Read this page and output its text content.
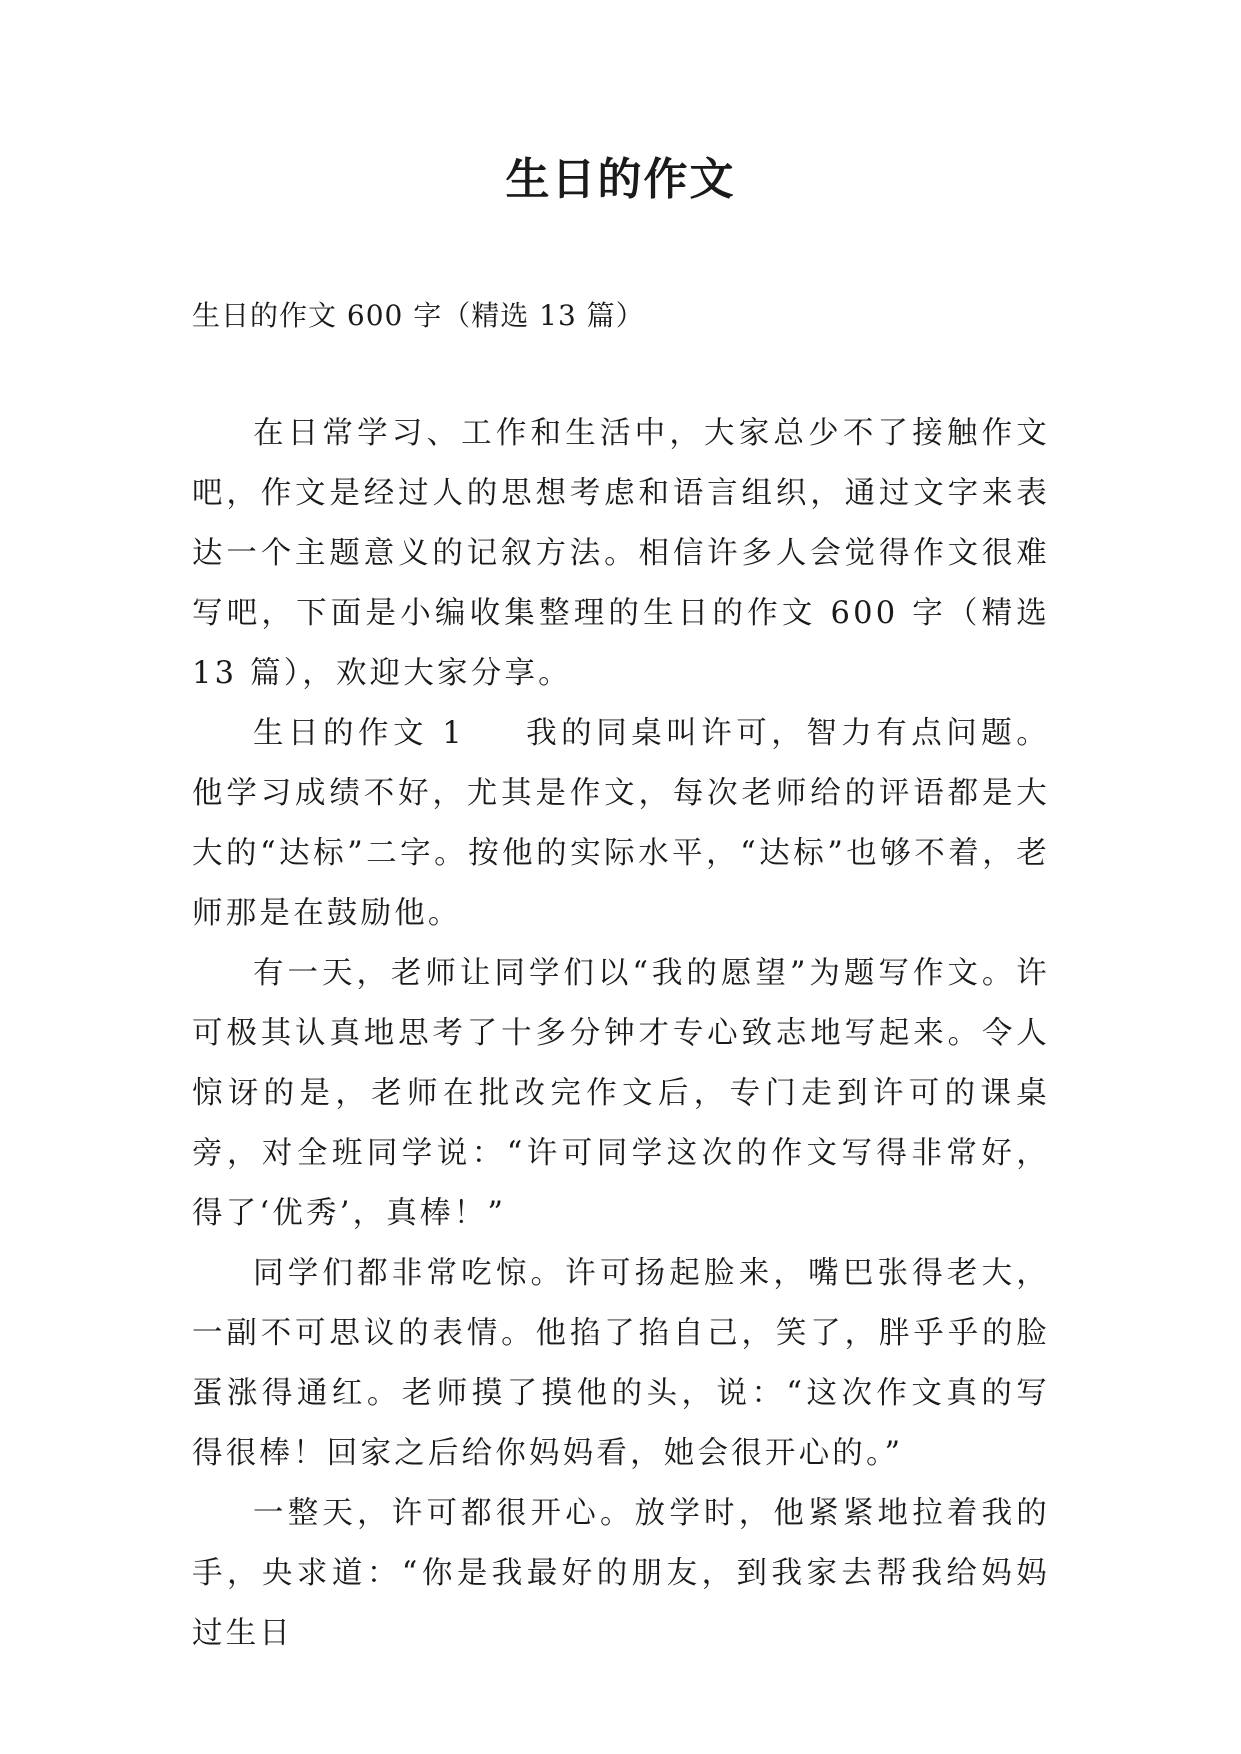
生日的作文

生日的作文 600 字（精选 13 篇）

在日常学习、工作和生活中，大家总少不了接触作文吧，作文是经过人的思想考虑和语言组织，通过文字来表达一个主题意义的记叙方法。相信许多人会觉得作文很难写吧，下面是小编收集整理的生日的作文 600 字（精选 13 篇），欢迎大家分享。

生日的作文 1 我的同桌叫许可，智力有点问题。他学习成绩不好，尤其是作文，每次老师给的评语都是大大的“达标”二字。按他的实际水平，“达标”也够不着，老师那是在鼓励他。

有一天，老师让同学们以“我的愿望”为题写作文。许可极其认真地思考了十多分钟才专心致志地写起来。令人惊讶的是，老师在批改完作文后，专门走到许可的课桌旁，对全班同学说：“许可同学这次的作文写得非常好，得了‘优秀’，真棒！”

同学们都非常吃惊。许可扬起脸来，嘴巴张得老大，一副不可思议的表情。他掐了掐自己，笑了，胖乎乎的脸蛋涨得通红。老师摸了摸他的头，说：“这次作文真的写得很棒！回家之后给你妈妈看，她会很开心的。”

一整天，许可都很开心。放学时，他紧紧地拉着我的手，央求道：“你是我最好的朋友，到我家去帮我给妈妈过生日
